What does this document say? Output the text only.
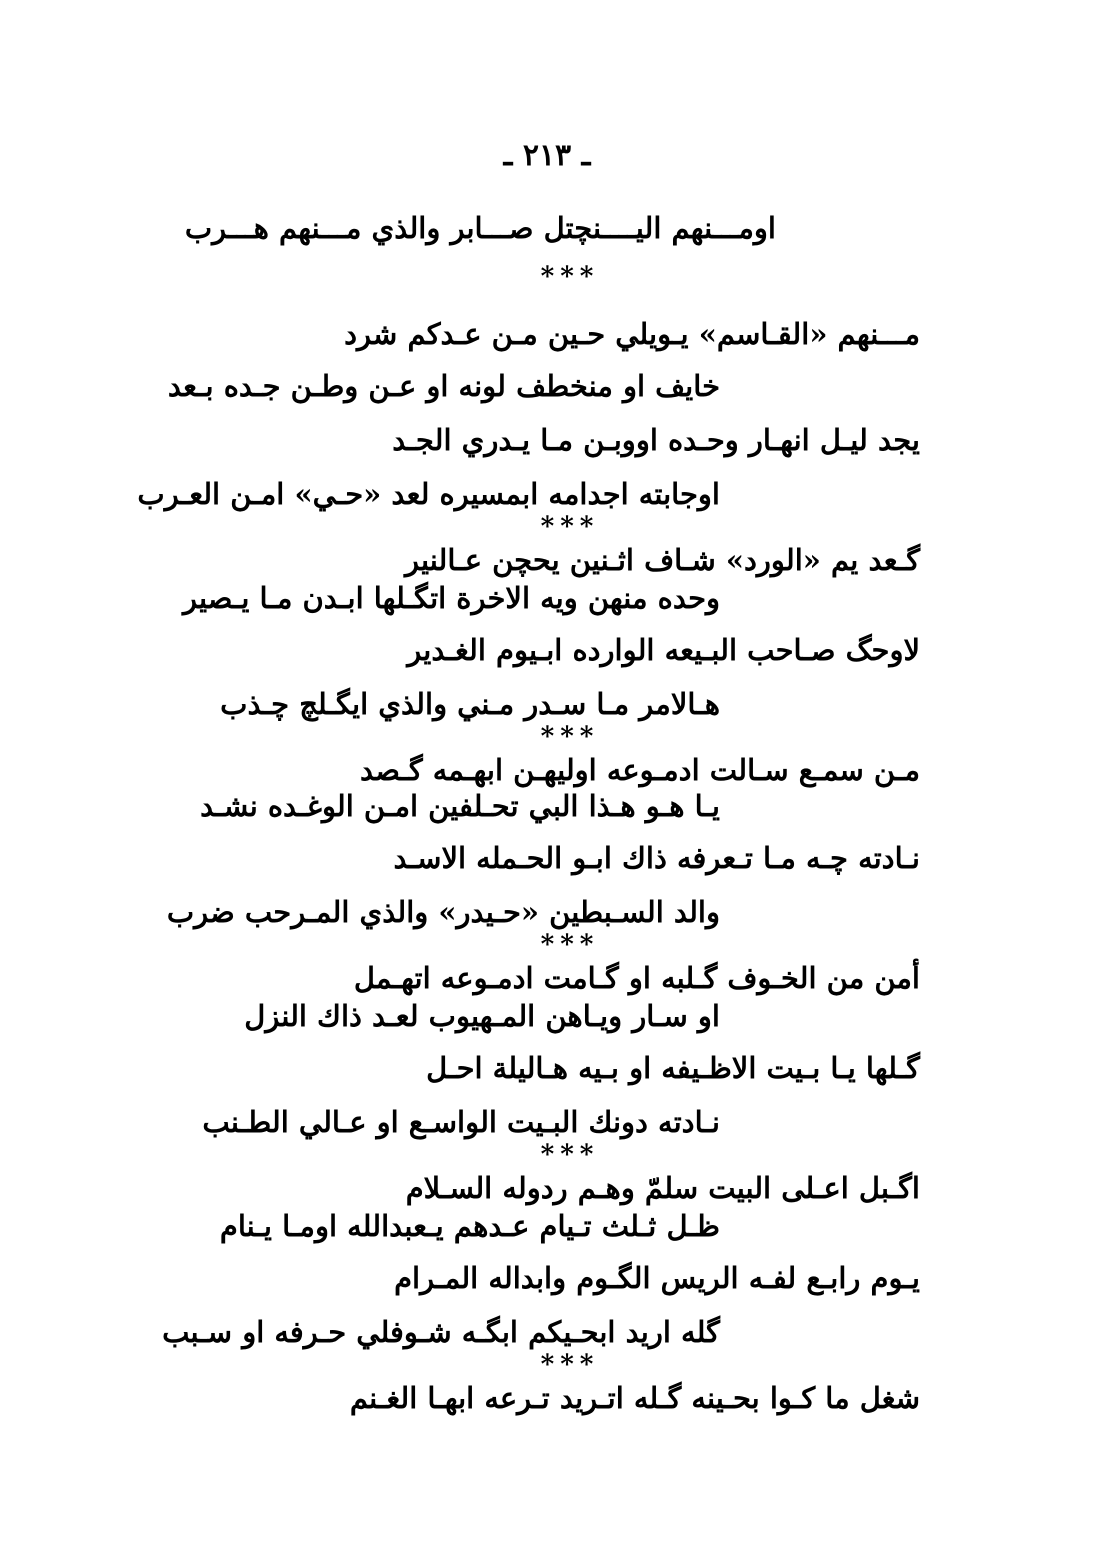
ـ ٢١٣ ـ
اومـــنهم اليــــنچتل صـــابر والذي مـــنهم هـــرب
***
مـــنهم «القـاسم» يـويلي حـين مـن عـدكم شرد
خايف او منخطف لونه او عـن وطـن جـده بـعد
يجد ليـل انهـار وحـده اووبـن مـا يـدري الجـد
اوجابته اجدامه ابمسيره لعد «حـي» امـن العـرب
***
گـعد يم «الورد» شـاف اثـنين يحچن عـالنير
وحده منهن ويه الاخرة اتگـلها ابـدن مـا يـصير
لاوحگ صـاحب البـيعه الوارده ابـيوم الغـدير
هـالامر مـا سـدر مـني والذي ايگـلچ چـذب
***
مـن سمـع سـالت ادمـوعه اوليهـن ابهـمه گـصد
يـا هـو هـذا البي تحـلفين امـن الوغـده نشـد
نـادته چـه مـا تـعرفه ذاك ابـو الحـمله الاسـد
والد السـبطين «حـيدر» والذي المـرحب ضرب
***
أمن من الخـوف گـلبه او گـامت ادمـوعه اتهـمل
او سـار ويـاهن المـهيوب لعـد ذاك النزل
گـلها يـا بـيت الاظـيفه او بـيه هـاليلة احـل
نـادته دونك البـيت الواسـع او عـالي الطـنب
***
اگـبل اعـلى البيت سلمّ وهـم ردوله السـلام
ظـل ثـلث تـيام عـدهم يـعبدالله اومـا يـنام
يـوم رابـع لفـه الريس الگـوم وابداله المـرام
گله اريد ابحـيكم ابگـه شـوفلي حـرفه او سـبب
***
شغل ما كـوا بحـينه گـله اتـريد تـرعه ابهـا الغـنم
